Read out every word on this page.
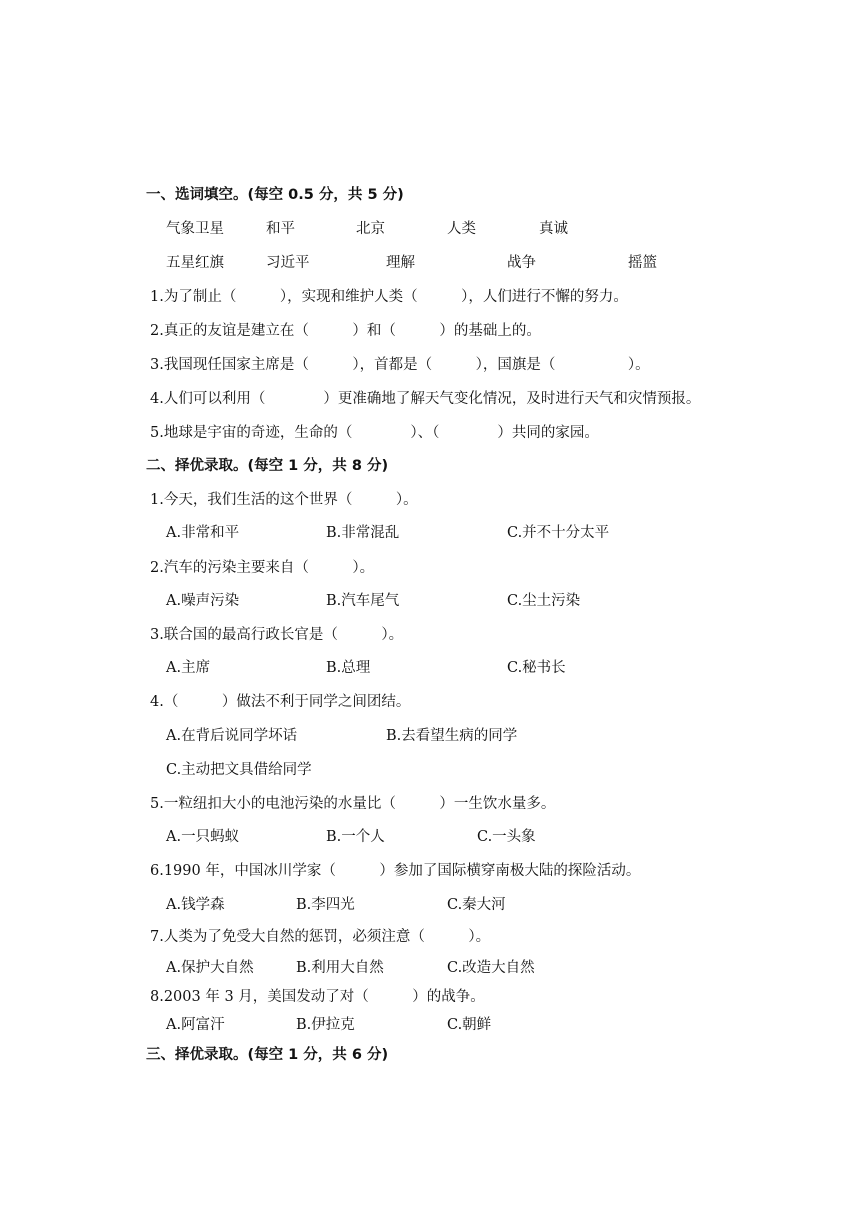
一、选词填空。(每空 0.5 分，共 5 分)
气象卫星	和平	北京	人类	真诚
五星红旗	习近平	理解	战争	摇篮
1.为了制止（　　　），实现和维护人类（　　　），人们进行不懈的努力。
2.真正的友谊是建立在（　　　）和（　　　）的基础上的。
3.我国现任国家主席是（　　　），首都是（　　　），国旗是（　　　　　）。
4.人们可以利用（　　　　）更准确地了解天气变化情况，及时进行天气和灾情预报。
5.地球是宇宙的奇迹，生命的（　　　　）、（　　　　）共同的家园。
二、择优录取。(每空 1 分，共 8 分)
1.今天，我们生活的这个世界（　　　）。
A.非常和平	B.非常混乱	C.并不十分太平
2.汽车的污染主要来自（　　　）。
A.噪声污染	B.汽车尾气	C.尘土污染
3.联合国的最高行政长官是（　　　）。
A.主席	B.总理	C.秘书长
4.（　　　）做法不利于同学之间团结。
A.在背后说同学坏话	B.去看望生病的同学
C.主动把文具借给同学
5.一粒纽扣大小的电池污染的水量比（　　　）一生饮水量多。
A.一只蚂蚁	B.一个人	C.一头象
6.1990 年，中国冰川学家（　　　）参加了国际横穿南极大陆的探险活动。
A.钱学森	B.李四光	C.秦大河
7.人类为了免受大自然的惩罚，必须注意（　　　）。
A.保护大自然	B.利用大自然	C.改造大自然
8.2003 年 3 月，美国发动了对（　　　）的战争。
A.阿富汗	B.伊拉克	C.朝鲜
三、择优录取。(每空 1 分，共 6 分)
